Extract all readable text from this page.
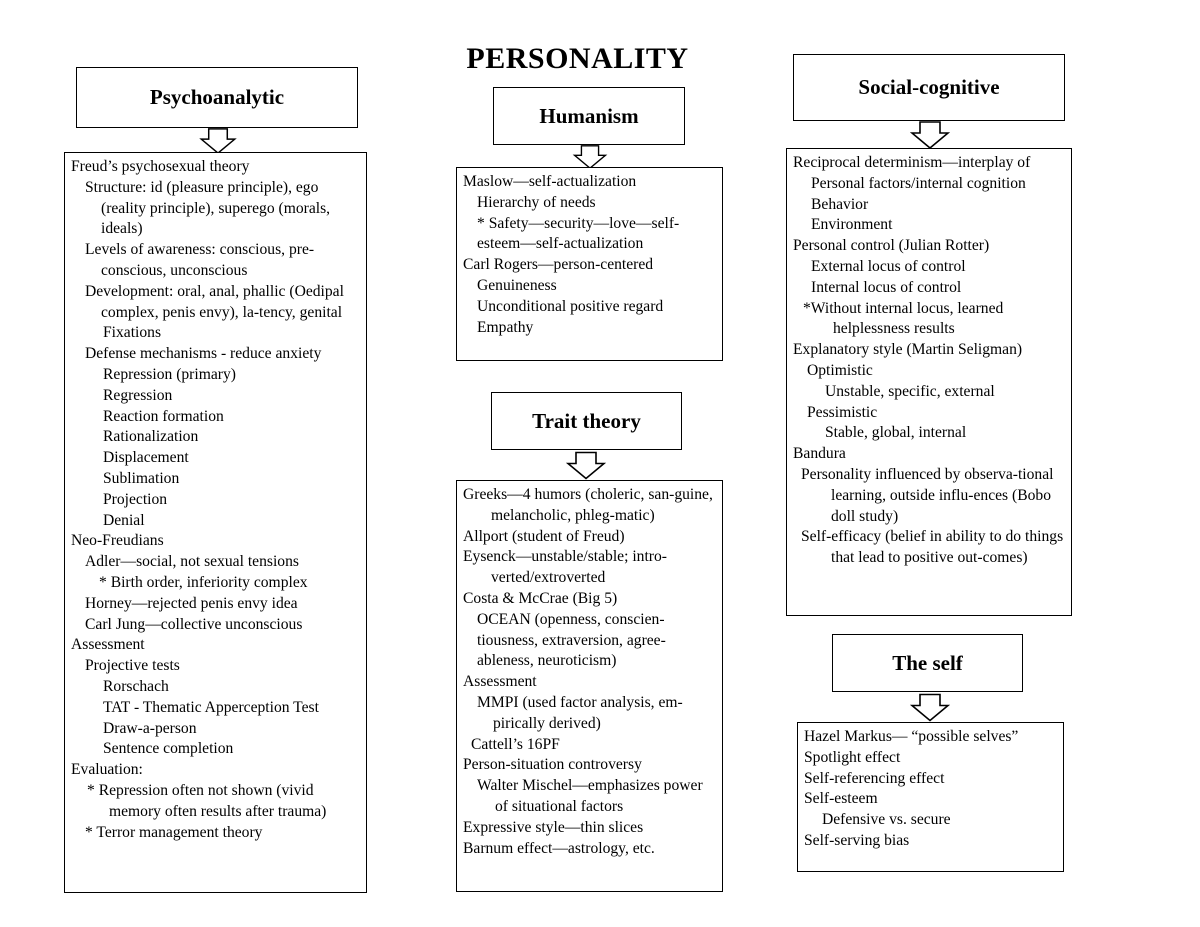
PERSONALITY
Psychoanalytic
Freud’s psychosexual theory
Structure: id (pleasure principle), ego (reality principle), superego (morals, ideals)
Levels of awareness: conscious, pre-conscious, unconscious
Development: oral, anal, phallic (Oedipal complex, penis envy), la-tency, genital
Fixations
Defense mechanisms - reduce anxiety
Repression (primary)
Regression
Reaction formation
Rationalization
Displacement
Sublimation
Projection
Denial
Neo-Freudians
Adler—social, not sexual tensions
* Birth order, inferiority complex
Horney—rejected penis envy idea
Carl Jung—collective unconscious
Assessment
Projective tests
Rorschach
TAT - Thematic Apperception Test
Draw-a-person
Sentence completion
Evaluation:
* Repression often not shown (vivid memory often results after trauma)
* Terror management theory
Humanism
Maslow—self-actualization
Hierarchy of needs
* Safety—security—love—self-esteem—self-actualization
Carl Rogers—person-centered
Genuineness
Unconditional positive regard
Empathy
Trait theory
Greeks—4 humors (choleric, san-guine, melancholic, phleg-matic)
Allport (student of Freud)
Eysenck—unstable/stable; intro-verted/extroverted
Costa & McCrae (Big 5)
OCEAN (openness, conscien-tiousness, extraversion, agree-ableness, neuroticism)
Assessment
MMPI (used factor analysis, em-pirically derived)
Cattell’s 16PF
Person-situation controversy
Walter Mischel—emphasizes power of situational factors
Expressive style—thin slices
Barnum effect—astrology, etc.
Social-cognitive
Reciprocal determinism—interplay of
Personal factors/internal cognition
Behavior
Environment
Personal control (Julian Rotter)
External locus of control
Internal locus of control
*Without internal locus, learned helplessness results
Explanatory style (Martin Seligman)
Optimistic
Unstable, specific, external
Pessimistic
Stable, global, internal
Bandura
Personality influenced by observa-tional learning, outside influ-ences (Bobo doll study)
Self-efficacy (belief in ability to do things that lead to positive out-comes)
The self
Hazel Markus— “possible selves”
Spotlight effect
Self-referencing effect
Self-esteem
Defensive vs. secure
Self-serving bias
